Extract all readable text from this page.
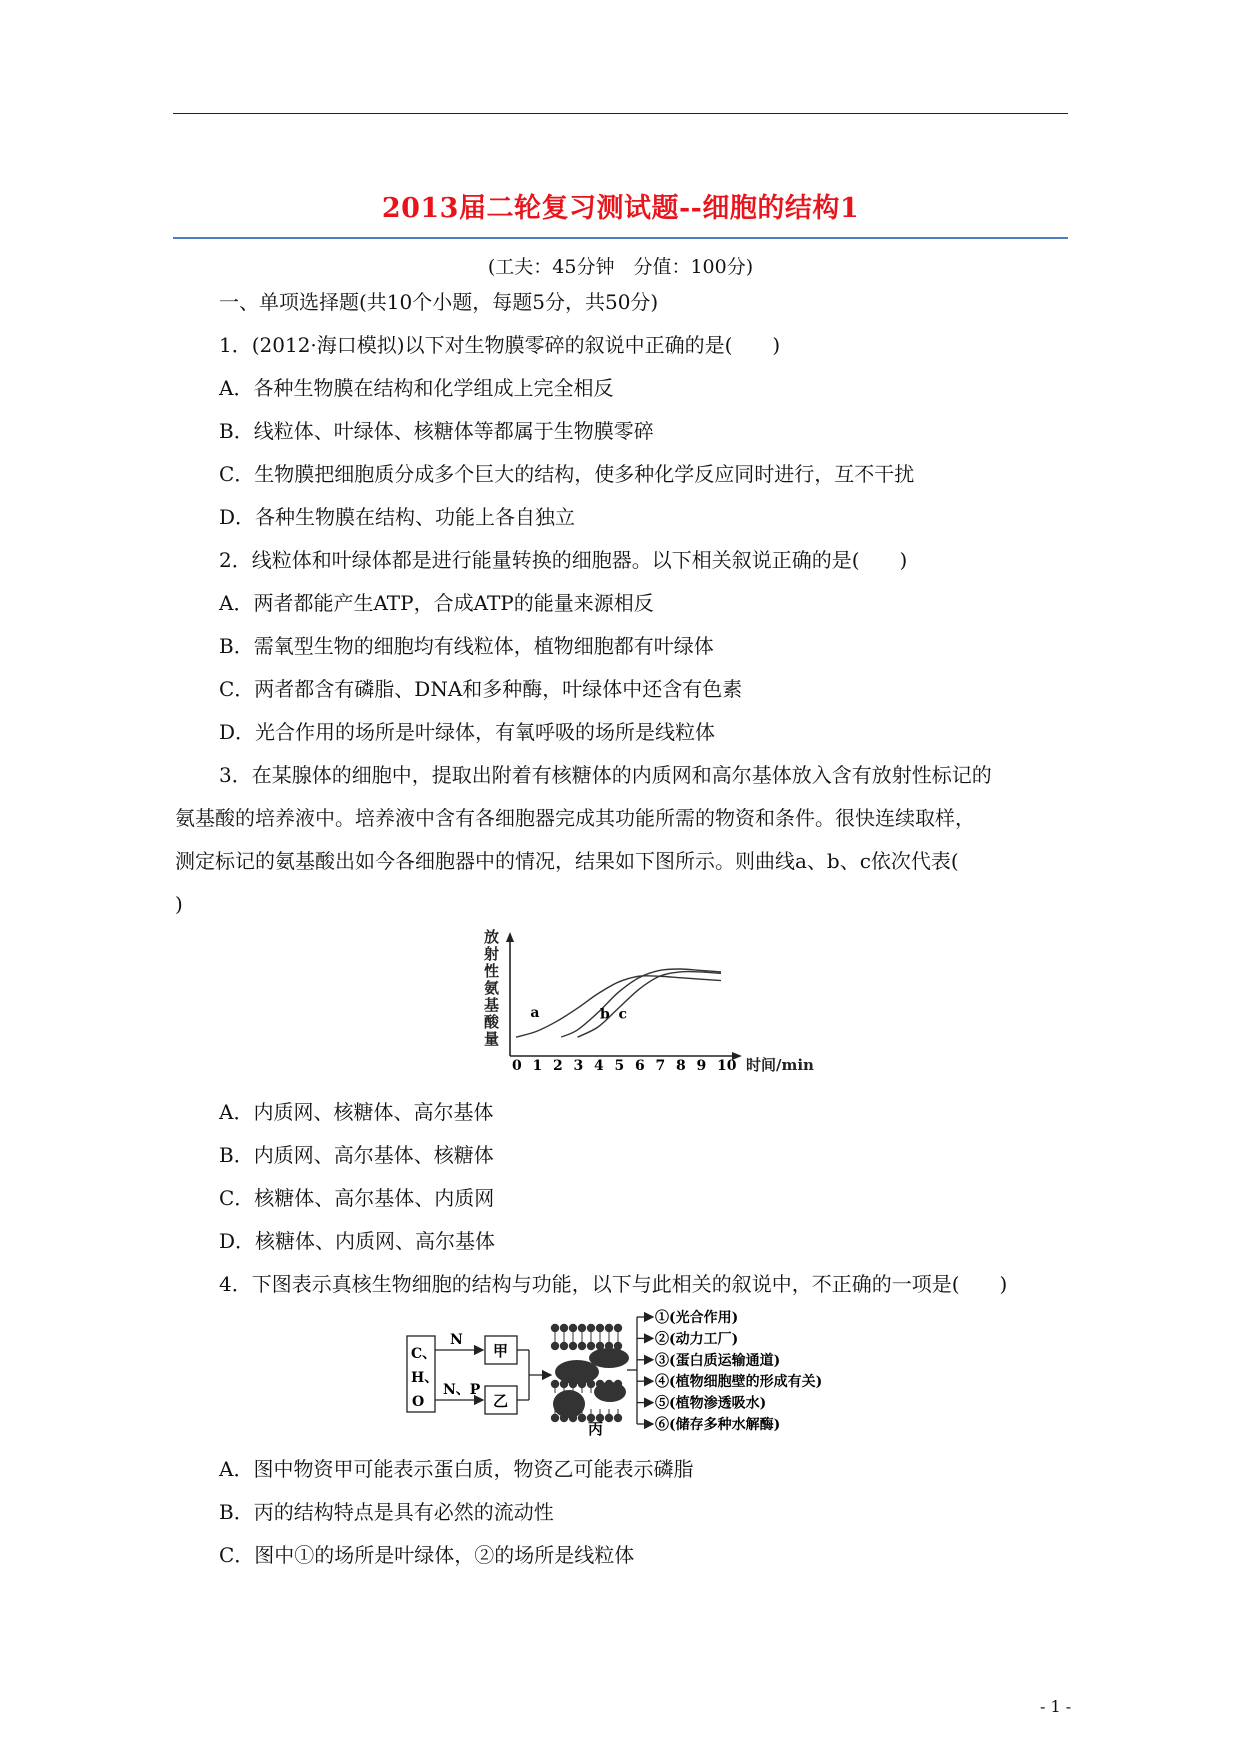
2013届二轮复习测试题--细胞的结构1
(工夫：45分钟　分值：100分)
一、单项选择题(共10个小题，每题5分，共50分)
1．(2012·海口模拟)以下对生物膜零碎的叙说中正确的是(　　)
A．各种生物膜在结构和化学组成上完全相反
B．线粒体、叶绿体、核糖体等都属于生物膜零碎
C．生物膜把细胞质分成多个巨大的结构，使多种化学反应同时进行，互不干扰
D．各种生物膜在结构、功能上各自独立
2．线粒体和叶绿体都是进行能量转换的细胞器。以下相关叙说正确的是(　　)
A．两者都能产生ATP，合成ATP的能量来源相反
B．需氧型生物的细胞均有线粒体，植物细胞都有叶绿体
C．两者都含有磷脂、DNA和多种酶，叶绿体中还含有色素
D．光合作用的场所是叶绿体，有氧呼吸的场所是线粒体
3．在某腺体的细胞中，提取出附着有核糖体的内质网和高尔基体放入含有放射性标记的
氨基酸的培养液中。培养液中含有各细胞器完成其功能所需的物资和条件。很快连续取样，
测定标记的氨基酸出如今各细胞器中的情况，结果如下图所示。则曲线a、b、c依次代表(
)
放射性氨基酸量
0 1 2 3 4 5 6 7 8 9 10
a	b c
时间/min
A．内质网、核糖体、高尔基体
B．内质网、高尔基体、核糖体
C．核糖体、高尔基体、内质网
D．核糖体、内质网、高尔基体
4．下图表示真核生物细胞的结构与功能，以下与此相关的叙说中，不正确的一项是(　　)
C、
H、
O
N
N、P
甲
乙
丙
①(光合作用)
②(动力工厂)
③(蛋白质运输通道)
④(植物细胞壁的形成有关)
⑤(植物渗透吸水)
⑥(储存多种水解酶)
A．图中物资甲可能表示蛋白质，物资乙可能表示磷脂
B．丙的结构特点是具有必然的流动性
C．图中①的场所是叶绿体，②的场所是线粒体
- 1 -
